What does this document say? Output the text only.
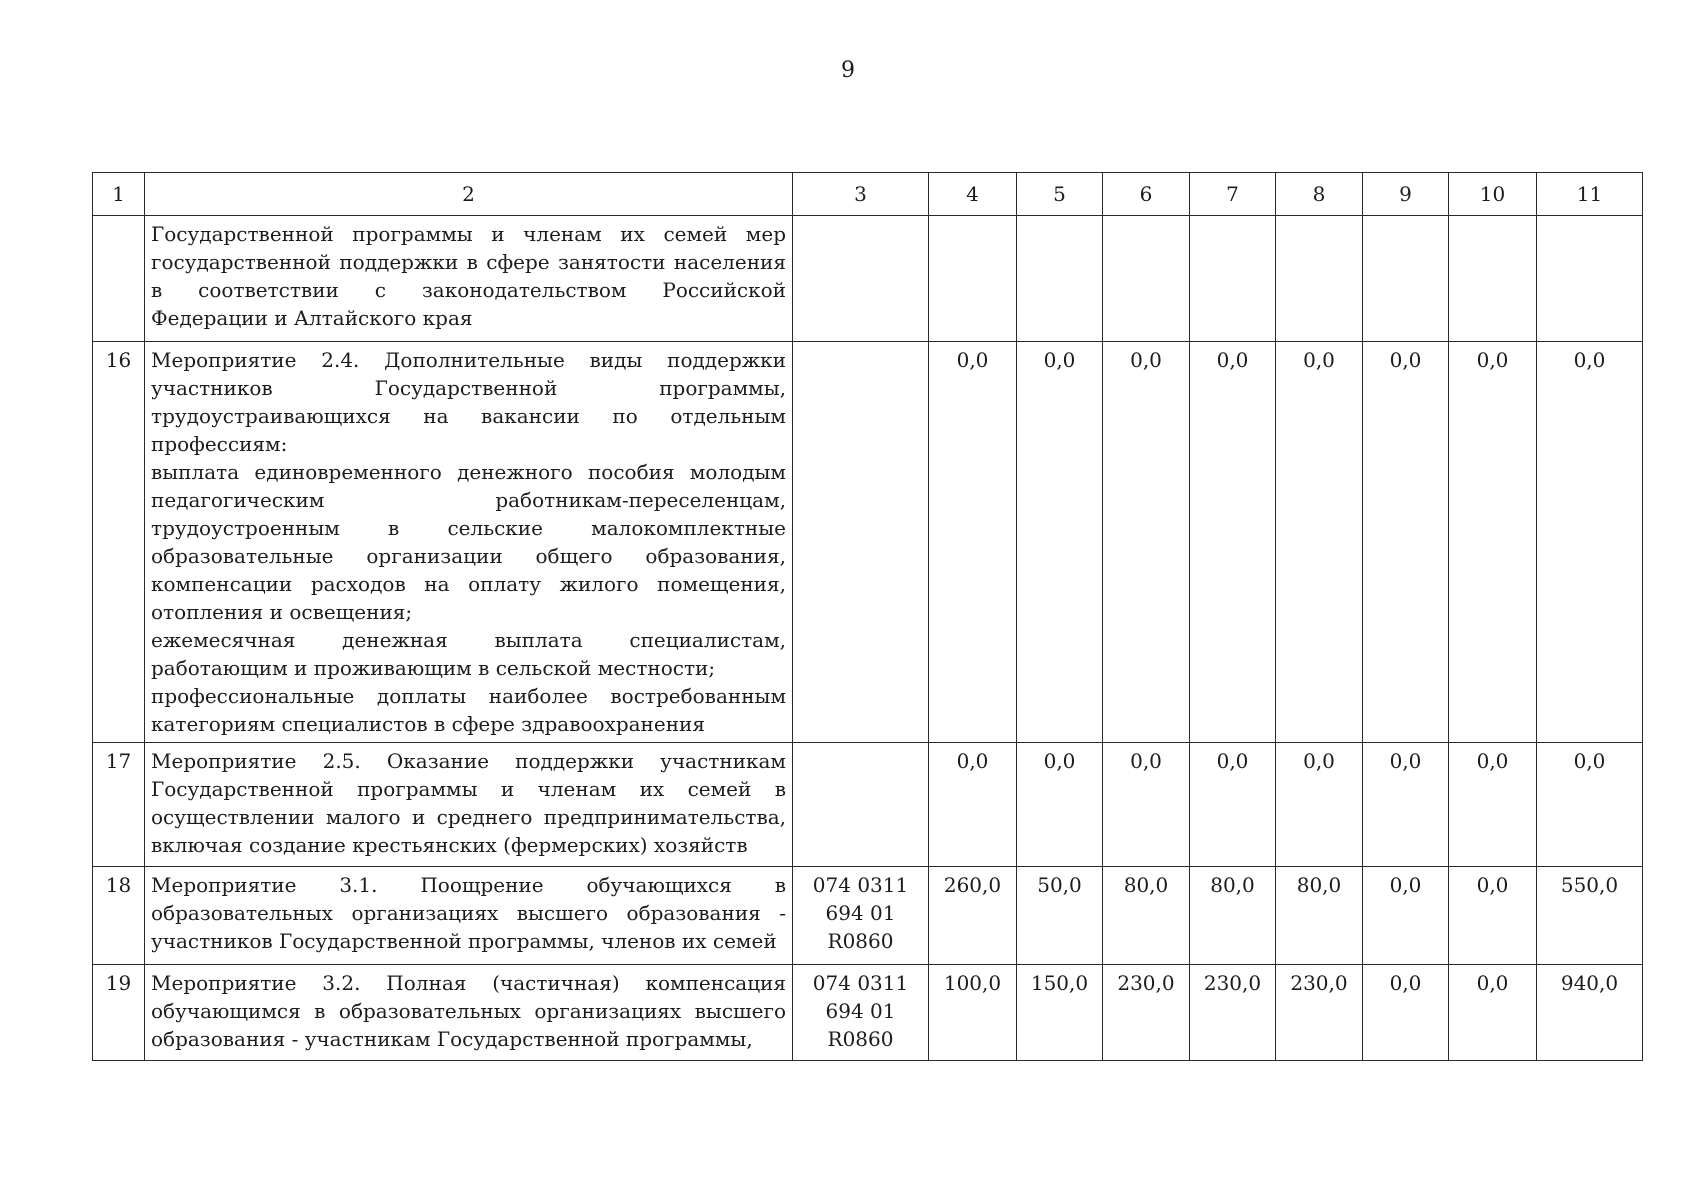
9
1	2	3	4	5	6	7	8	9	10	11

	Государственной программы и членам их семей мер государственной поддержки в сфере занятости населения в соответствии с законодательством Российской Федерации и Алтайского края									

16	Мероприятие 2.4. Дополнительные виды поддержки участников Государственной программы, трудоустраивающихся на вакансии по отдельным профессиям:
выплата единовременного денежного пособия молодым педагогическим работникам-переселенцам, трудоустроенным в сельские малокомплектные образовательные организации общего образования, компенсации расходов на оплату жилого помещения, отопления и освещения;
ежемесячная денежная выплата специалистам, работающим и проживающим в сельской местности;
профессиональные доплаты наиболее востребованным категориям специалистов в сфере здравоохранения		0,0	0,0	0,0	0,0	0,0	0,0	0,0	0,0
17	Мероприятие 2.5. Оказание поддержки участникам Государственной программы и членам их семей в осуществлении малого и среднего предпринимательства, включая создание крестьянских (фермерских) хозяйств		0,0	0,0	0,0	0,0	0,0	0,0	0,0	0,0
18	Мероприятие 3.1. Поощрение обучающихся в образовательных организациях высшего образования - участников Государственной программы, членов их семей	074 0311 694 01 R0860	260,0	50,0	80,0	80,0	80,0	0,0	0,0	550,0
19	Мероприятие 3.2. Полная (частичная) компенсация обучающимся в образовательных организациях высшего образования - участникам Государственной программы,	074 0311 694 01 R0860	100,0	150,0	230,0	230,0	230,0	0,0	0,0	940,0
